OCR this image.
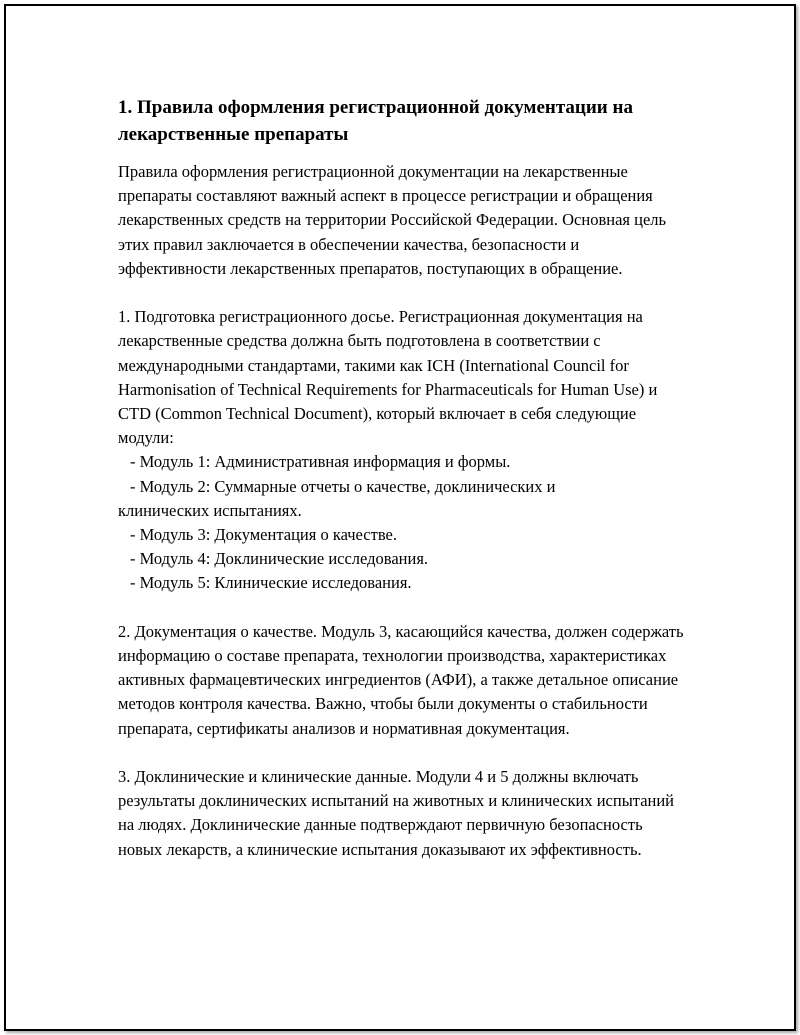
1. Правила оформления регистрационной документации на лекарственные препараты

Правила оформления регистрационной документации на лекарственные препараты составляют важный аспект в процессе регистрации и обращения лекарственных средств на территории Российской Федерации. Основная цель этих правил заключается в обеспечении качества, безопасности и эффективности лекарственных препаратов, поступающих в обращение.

1. Подготовка регистрационного досье. Регистрационная документация на лекарственные средства должна быть подготовлена в соответствии с международными стандартами, такими как ICH (International Council for Harmonisation of Technical Requirements for Pharmaceuticals for Human Use) и CTD (Common Technical Document), который включает в себя следующие модули:
- Модуль 1: Административная информация и формы.
- Модуль 2: Суммарные отчеты о качестве, доклинических и
клинических испытаниях.
- Модуль 3: Документация о качестве.
- Модуль 4: Доклинические исследования.
- Модуль 5: Клинические исследования.

2. Документация о качестве. Модуль 3, касающийся качества, должен содержать информацию о составе препарата, технологии производства, характеристиках активных фармацевтических ингредиентов (АФИ), а также детальное описание методов контроля качества. Важно, чтобы были документы о стабильности препарата, сертификаты анализов и нормативная документация.

3. Доклинические и клинические данные. Модули 4 и 5 должны включать результаты доклинических испытаний на животных и клинических испытаний на людях. Доклинические данные подтверждают первичную безопасность новых лекарств, а клинические испытания доказывают их эффективность.
